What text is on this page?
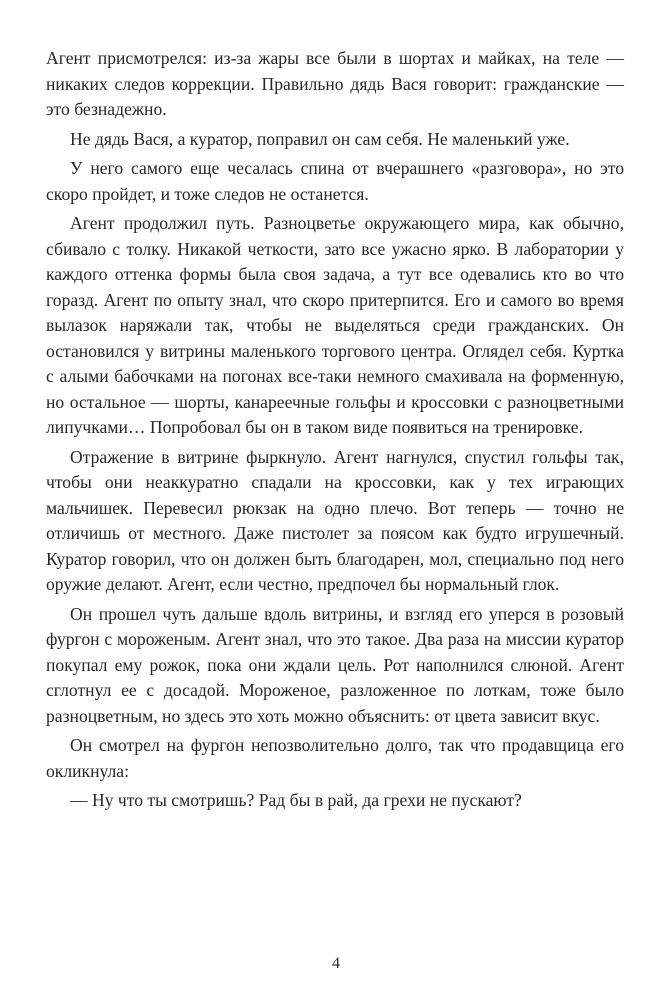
Агент присмотрелся: из-за жары все были в шортах и майках, на теле — никаких следов коррекции. Правильно дядь Вася говорит: гражданские — это безнадежно.

Не дядь Вася, а куратор, поправил он сам себя. Не маленький уже.

У него самого еще чесалась спина от вчерашнего «разговора», но это скоро пройдет, и тоже следов не останется.

Агент продолжил путь. Разноцветье окружающего мира, как обычно, сбивало с толку. Никакой четкости, зато все ужасно ярко. В лаборатории у каждого оттенка формы была своя задача, а тут все одевались кто во что горазд. Агент по опыту знал, что скоро притерпится. Его и самого во время вылазок наряжали так, чтобы не выделяться среди гражданских. Он остановился у витрины маленького торгового центра. Оглядел себя. Куртка с алыми бабочками на погонах все-таки немного смахивала на форменную, но остальное — шорты, канареечные гольфы и кроссовки с разноцветными липучками… Попробовал бы он в таком виде появиться на тренировке.

Отражение в витрине фыркнуло. Агент нагнулся, спустил гольфы так, чтобы они неаккуратно спадали на кроссовки, как у тех играющих мальчишек. Перевесил рюкзак на одно плечо. Вот теперь — точно не отличишь от местного. Даже пистолет за поясом как будто игрушечный. Куратор говорил, что он должен быть благодарен, мол, специально под него оружие делают. Агент, если честно, предпочел бы нормальный глок.

Он прошел чуть дальше вдоль витрины, и взгляд его уперся в розовый фургон с мороженым. Агент знал, что это такое. Два раза на миссии куратор покупал ему рожок, пока они ждали цель. Рот наполнился слюной. Агент сглотнул ее с досадой. Мороженое, разложенное по лоткам, тоже было разноцветным, но здесь это хоть можно объяснить: от цвета зависит вкус.

Он смотрел на фургон непозволительно долго, так что продавщица его окликнула:

— Ну что ты смотришь? Рад бы в рай, да грехи не пускают?

4
